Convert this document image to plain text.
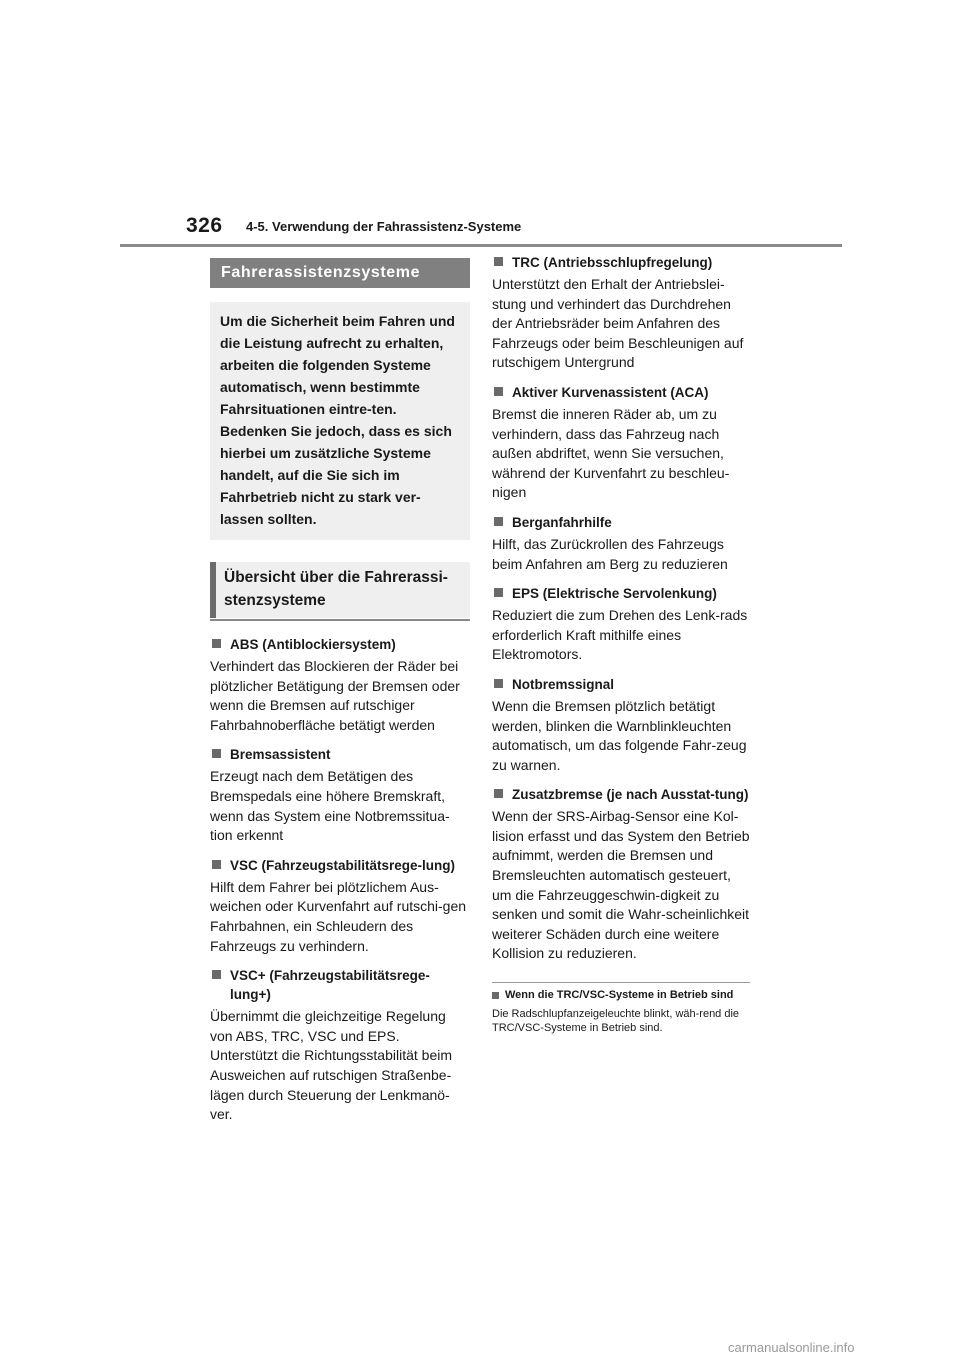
326 4-5. Verwendung der Fahrassistenz-Systeme
Fahrerassistenzsysteme
Um die Sicherheit beim Fahren und die Leistung aufrecht zu erhalten, arbeiten die folgenden Systeme automatisch, wenn bestimmte Fahrsituationen eintre-ten. Bedenken Sie jedoch, dass es sich hierbei um zusätzliche Systeme handelt, auf die Sie sich im Fahrbetrieb nicht zu stark ver-lassen sollten.
Übersicht über die Fahrerassi-stenzsysteme
ABS (Antiblockiersystem)
Verhindert das Blockieren der Räder bei plötzlicher Betätigung der Bremsen oder wenn die Bremsen auf rutschiger Fahrbahnoberfläche betätigt werden
Bremsassistent
Erzeugt nach dem Betätigen des Bremspedals eine höhere Bremskraft, wenn das System eine Notbremssitua-tion erkennt
VSC (Fahrzeugstabilitätsrege-lung)
Hilft dem Fahrer bei plötzlichem Aus-weichen oder Kurvenfahrt auf rutschi-gen Fahrbahnen, ein Schleudern des Fahrzeugs zu verhindern.
VSC+ (Fahrzeugstabilitätsrege-lung+)
Übernimmt die gleichzeitige Regelung von ABS, TRC, VSC und EPS. Unterstützt die Richtungsstabilität beim Ausweichen auf rutschigen Straßenbe-lägen durch Steuerung der Lenkmanö-ver.
TRC (Antriebsschlupfregelung)
Unterstützt den Erhalt der Antriebslei-stung und verhindert das Durchdrehen der Antriebsräder beim Anfahren des Fahrzeugs oder beim Beschleunigen auf rutschigem Untergrund
Aktiver Kurvenassistent (ACA)
Bremst die inneren Räder ab, um zu verhindern, dass das Fahrzeug nach außen abdriftet, wenn Sie versuchen, während der Kurvenfahrt zu beschleu-nigen
Berganfahrhilfe
Hilft, das Zurückrollen des Fahrzeugs beim Anfahren am Berg zu reduzieren
EPS (Elektrische Servolenkung)
Reduziert die zum Drehen des Lenk-rads erforderlich Kraft mithilfe eines Elektromotors.
Notbremssignal
Wenn die Bremsen plötzlich betätigt werden, blinken die Warnblinkleuchten automatisch, um das folgende Fahr-zeug zu warnen.
Zusatzbremse (je nach Ausstat-tung)
Wenn der SRS-Airbag-Sensor eine Kol-lision erfasst und das System den Betrieb aufnimmt, werden die Bremsen und Bremsleuchten automatisch gesteuert, um die Fahrzeuggeschwin-digkeit zu senken und somit die Wahr-scheinlichkeit weiterer Schäden durch eine weitere Kollision zu reduzieren.
Wenn die TRC/VSC-Systeme in Betrieb sind
Die Radschlupfanzeigeleuchte blinkt, wäh-rend die TRC/VSC-Systeme in Betrieb sind.
carmanualsonline.info
